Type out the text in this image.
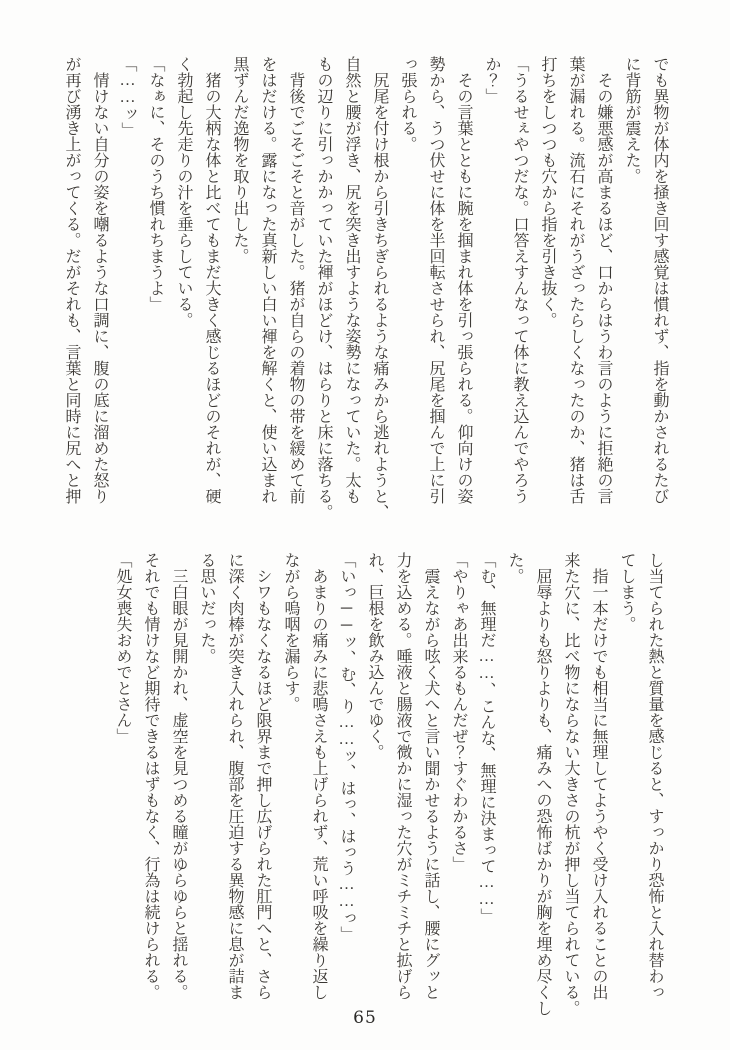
でも異物が体内を掻き回す感覚は慣れず、指を動かされるたび
に背筋が震えた。
　その嫌悪感が高まるほど、口からはうわ言のように拒絶の言
葉が漏れる。流石にそれがうざったらしくなったのか、猪は舌
打ちをしつつも穴から指を引き抜く。
「うるせぇやつだな。口答えすんなって体に教え込んでやろう
か？」
　その言葉とともに腕を掴まれ体を引っ張られる。仰向けの姿
勢から、うつ伏せに体を半回転させられ、尻尾を掴んで上に引
っ張られる。
　尻尾を付け根から引きちぎられるような痛みから逃れようと、
自然と腰が浮き、尻を突き出すような姿勢になっていた。太も
もの辺りに引っかかっていた褌がほどけ、はらりと床に落ちる。
　背後でごそごそと音がした。猪が自らの着物の帯を緩めて前
をはだける。露になった真新しい白い褌を解くと、使い込まれ
黒ずんだ逸物を取り出した。
　猪の大柄な体と比べてもまだ大きく感じるほどのそれが、硬
く勃起し先走りの汁を垂らしている。
「なぁに、そのうち慣れちまうよ」
「……ッ」
　情けない自分の姿を嘲るような口調に、腹の底に溜めた怒り
が再び湧き上がってくる。だがそれも、言葉と同時に尻へと押
し当てられた熱と質量を感じると、すっかり恐怖と入れ替わっ
てしまう。
　指一本だけでも相当に無理してようやく受け入れることの出
来た穴に、比べ物にならない大きさの杭が押し当てられている。
　屈辱よりも怒りよりも、痛みへの恐怖ばかりが胸を埋め尽くし
た。
「む、無理だ……、こんな、無理に決まって……」
「やりゃあ出来るもんだぜ？すぐわかるさ」
　震えながら呟く犬へと言い聞かせるように話し、腰にグッと
力を込める。唾液と腸液で微かに湿った穴がミチミチと拡げら
れ、巨根を飲み込んでゆく。
「いっ──ッ、む、り……ッ、はっ、はっう……っ」
　あまりの痛みに悲鳴さえも上げられず、荒い呼吸を繰り返し
ながら嗚咽を漏らす。
　シワもなくなるほど限界まで押し広げられた肛門へと、さら
に深く肉棒が突き入れられ、腹部を圧迫する異物感に息が詰ま
る思いだった。
　三白眼が見開かれ、虚空を見つめる瞳がゆらゆらと揺れる。
それでも情けなど期待できるはずもなく、行為は続けられる。
「処女喪失おめでとさん」
65
